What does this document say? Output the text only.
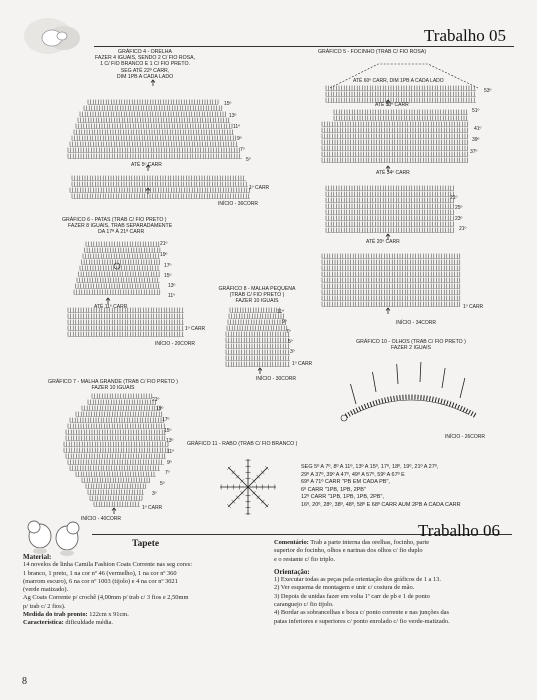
Trabalho 05
GRÁFICO 4 - ORELHA
FAZER 4 IGUAIS, SENDO 2 C/ FIO ROSA,
1 C/ FIO BRANCO E 1 C/ FIO PRETO.
SEG ATÉ 22º CARR,
DIM 1PB A CADA LADO
ATÉ 5º CARR
INÍCIO - 36CORR
15º
13º
11º
9º
7º
5º
1º CARR
GRÁFICO 5 - FOCINHO (TRAB C/ FIO ROSA)
ATÉ 60º CARR, DIM 1PB A CADA LADO
ATÉ 53º CARR
ATÉ 34º CARR
ATÉ 20º CARR
INÍCIO - 34CORR
53º
51º
41º
39º
37º
21º
25º
23º
21º
1º CARR
GRÁFICO 6 - PATAS (TRAB C/ FIO PRETO )
FAZER 8 IGUAIS, TRAB SEPARADAMENTE
DA 17ª À 21ª CARR
ATÉ 11º CARR
INÍCIO - 20CORR
21º
19º
17º
15º
13º
11º
1º CARR
GRÁFICO 8 - MALHA PEQUENA
(TRAB C/ FIO PRETO )
FAZER 10 IGUAIS
INÍCIO - 30CORR
11º
9º
7º
5º
3º
1º CARR
GRÁFICO 10 - OLHOS (TRAB C/ FIO PRETO )
FAZER 2 IGUAIS
INÍCIO - 26CORR
GRÁFICO 7 - MALHA GRANDE (TRAB C/ FIO PRETO )
FAZER 10 IGUAIS
INÍCIO - 40CORR
21º
19º
17º
15º
13º
11º
9º
7º
5º
3º
1º CARR
GRÁFICO 11 - RABO (TRAB C/ FIO BRANCO )
SEG 5º A 7º, 8º A 11º, 13º A 15º, 17º, 18º, 19º, 21º A 27º,
29º A 37º, 39º A 47º, 49º A 57º, 59º A 67º E
69º A 71º CARR "PB EM CADA PB",
6º CARR "1PB, 1PB, 2PB"
12º CARR "1PB, 1PB, 1PB, 2PB",
16º, 20º, 28º, 38º, 48º, 58º E 68º CARR AUM 2PB A CADA CARR
Trabalho 06
Tapete

Material:

14 novelos de linha Camila Fashion Coats Corrente nas seg cores:

1 branco, 1 preto, 1 na cor nº 46 (vermelho), 1 na cor nº 360

(marrom escuro), 6 na cor nº 1003 (tijolo) e 4 na cor nº 3021

(verde matizado).

Ag Coats Corrente p/ crochê (4,00mm p/ trab c/ 3 fios e 2,50mm

p/ trab c/ 2 fios).

Medida do trab pronto: 122cm x 91cm.

Característica: dificuldade média.

Comentário: Trab a parte interna das orelhas, focinho, parte

superior do focinho, olhos e narinas dos olhos c/ fio duplo

e o restante c/ fio triplo.

Orientação:

1) Executar todas as peças pela orientação dos gráficos de 1 a 13.

2) Ver esquema de montagem e unir c/ costura de mão.

3) Depois de unidas fazer em volta 1ª carr de pb e 1 de ponto

caranguejo c/ fio tijolo.

4) Bordar as sobrancelhas e boca c/ ponto corrente e nas junções das

patas inferiores e superiores c/ ponto enrolado c/ fio verde-matizado.

8
